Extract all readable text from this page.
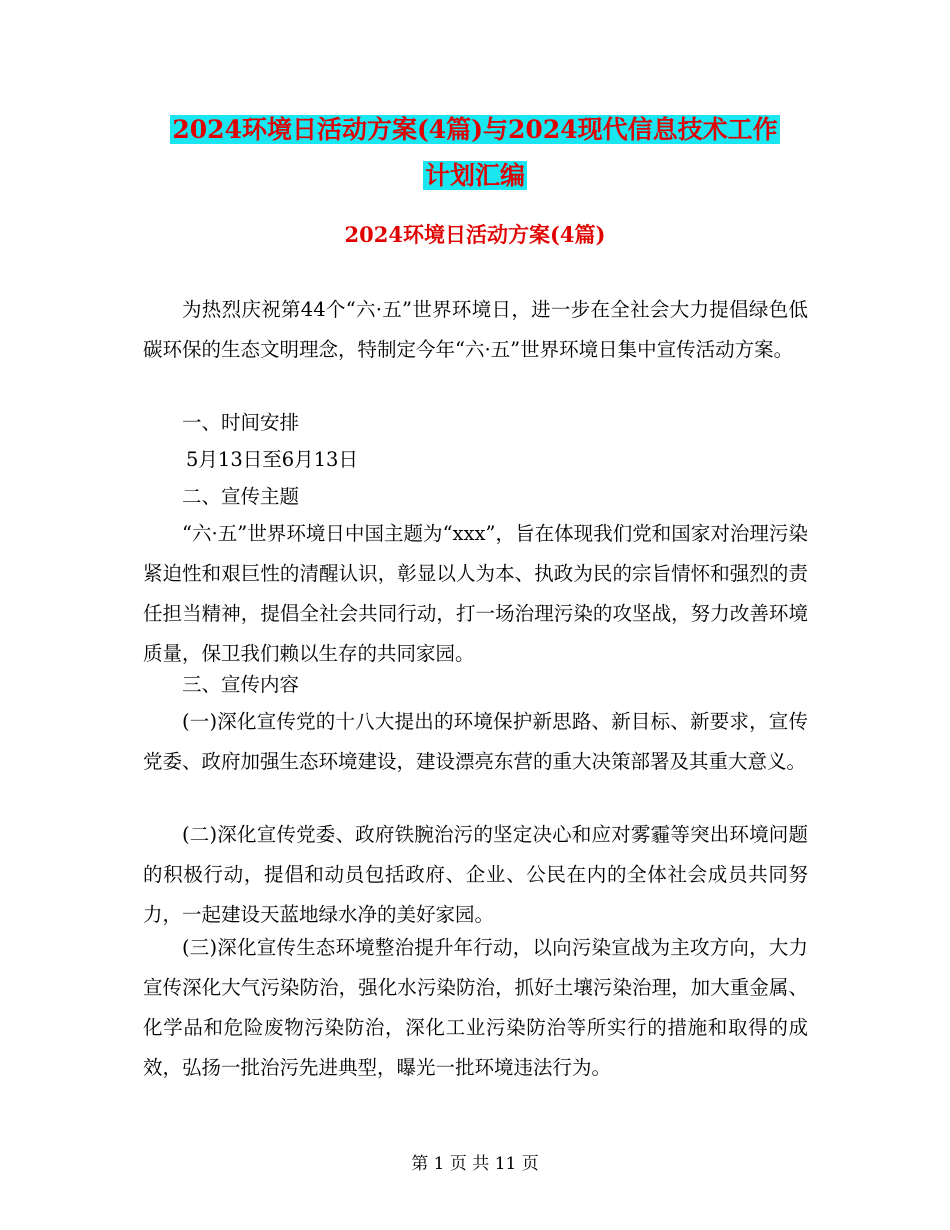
2024环境日活动方案(4篇)与2024现代信息技术工作
计划汇编
2024环境日活动方案(4篇)

为热烈庆祝第44个“六·五”世界环境日，进一步在全社会大力提倡绿色低碳环保的生态文明理念，特制定今年“六·五”世界环境日集中宣传活动方案。

一、时间安排

5月13日至6月13日

二、宣传主题

“六·五”世界环境日中国主题为“xxx”，旨在体现我们党和国家对治理污染紧迫性和艰巨性的清醒认识，彰显以人为本、执政为民的宗旨情怀和强烈的责任担当精神，提倡全社会共同行动，打一场治理污染的攻坚战，努力改善环境质量，保卫我们赖以生存的共同家园。

三、宣传内容

(一)深化宣传党的十八大提出的环境保护新思路、新目标、新要求，宣传党委、政府加强生态环境建设，建设漂亮东营的重大决策部署及其重大意义。

(二)深化宣传党委、政府铁腕治污的坚定决心和应对雾霾等突出环境问题的积极行动，提倡和动员包括政府、企业、公民在内的全体社会成员共同努力，一起建设天蓝地绿水净的美好家园。

(三)深化宣传生态环境整治提升年行动，以向污染宣战为主攻方向，大力宣传深化大气污染防治，强化水污染防治，抓好土壤污染治理，加大重金属、化学品和危险废物污染防治，深化工业污染防治等所实行的措施和取得的成效，弘扬一批治污先进典型，曝光一批环境违法行为。

第 1 页 共 11 页
